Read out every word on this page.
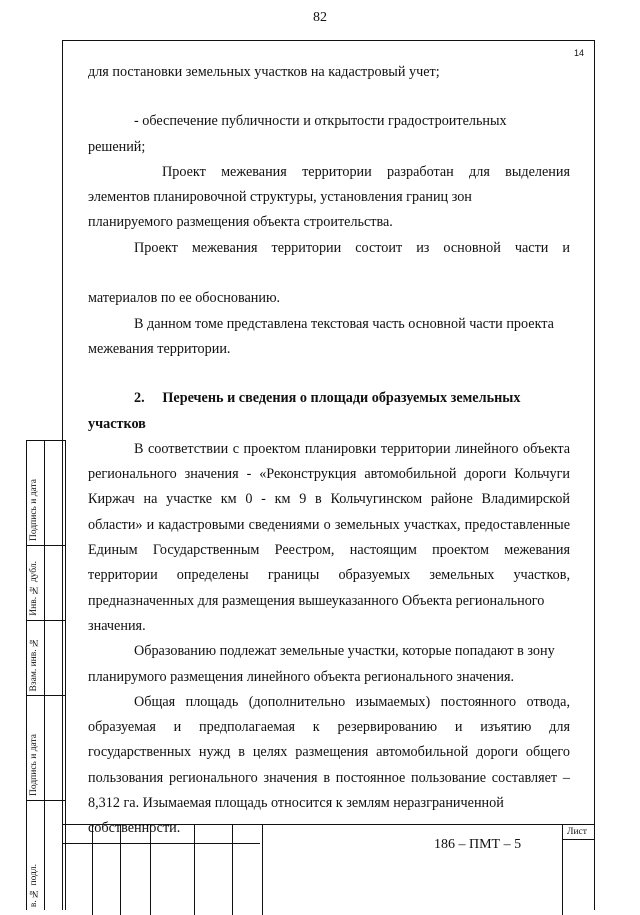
82
14

для постановки земельных участков на кадастровый учет;

- обеспечение публичности и открытости градостроительных

решений;

Проект межевания территории разработан для выделения элементов планировочной структуры, установления границ зон

планируемого размещения объекта строительства.

Проект межевания территории состоит из основной части и

материалов по ее обоснованию.

В данном томе представлена текстовая часть основной части проекта

межевания территории.

2. Перечень и сведения о площади образуемых земельных

участков

В соответствии с проектом планировки территории линейного объекта регионального значения - «Реконструкция автомобильной дороги Кольчуги Киржач на участке км 0 - км 9 в Кольчугинском районе Владимирской области» и кадастровыми сведениями о земельных участках, предоставленные Единым Государственным Реестром, настоящим проектом межевания территории определены границы образуемых земельных участков, предназначенных для размещения вышеуказанного Объекта регионального

значения.

Образованию подлежат земельные участки, которые попадают в зону

планирумого размещения линейного объекта регионального значения.

Общая площадь (дополнительно изымаемых) постоянного отвода, образуемая и предполагаемая к резервированию и изъятию для государственных нужд в целях размещения автомобильной дороги общего пользования регионального значения в постоянное пользование составляет – 8,312 га. Изымаемая площадь относится к землям неразграниченной

собственности.

Подпись и дата
Инв. № дубл.
Взам. инв. №
Подпись и дата
в. № подл.
Лист
186 – ПМТ – 5
